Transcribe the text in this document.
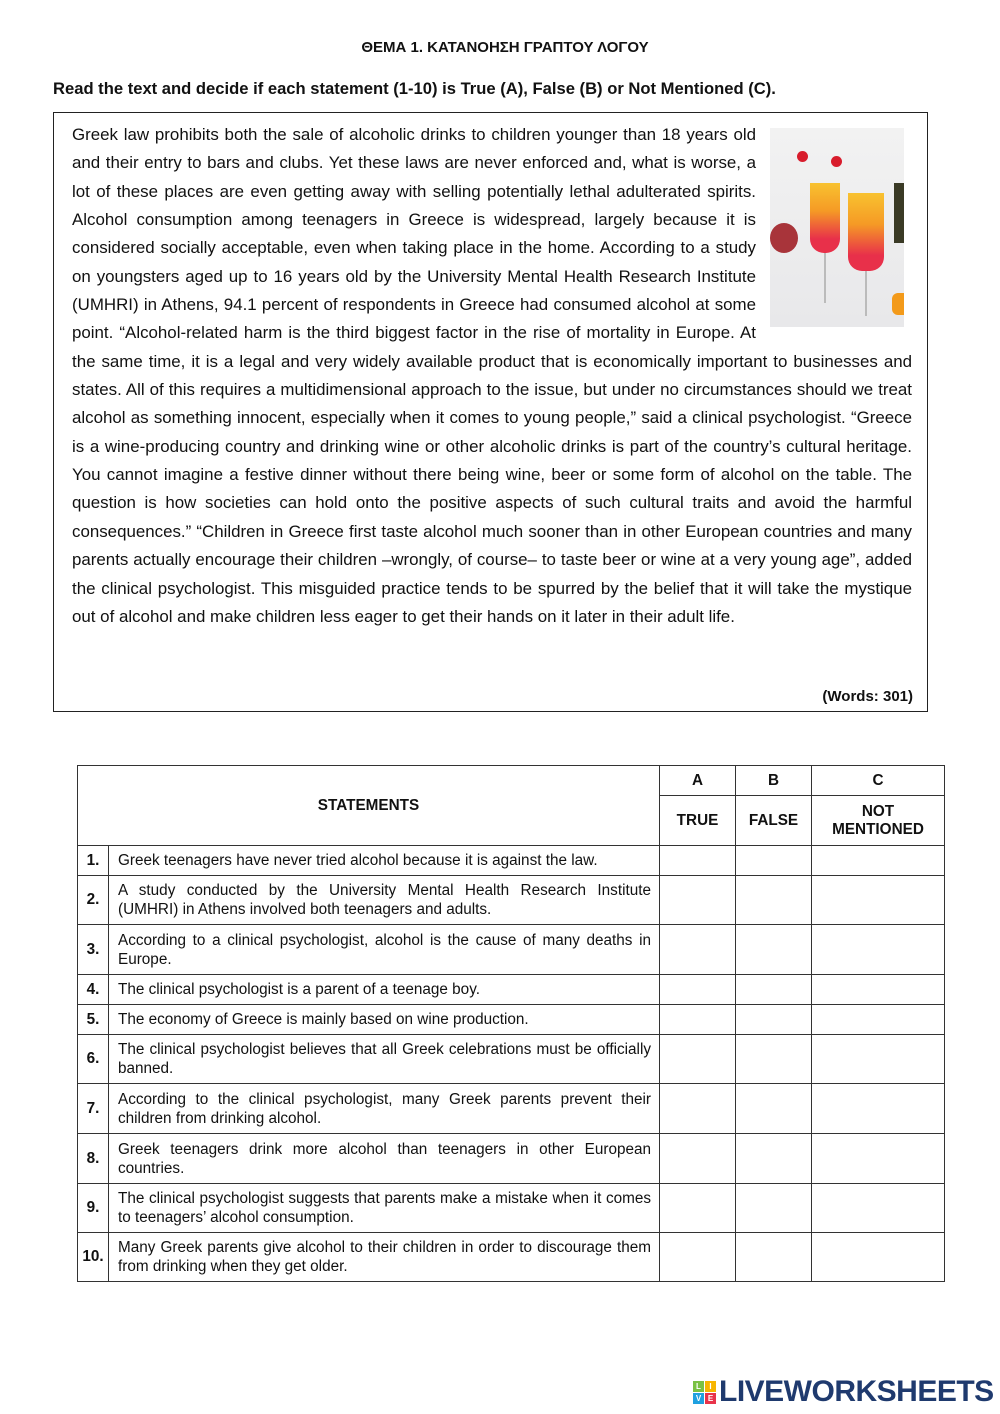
ΘΕΜΑ 1. ΚΑΤΑΝΟΗΣΗ ΓΡΑΠΤΟΥ ΛΟΓΟΥ
Read the text and decide if each statement (1-10) is True (A), False (B) or Not Mentioned (C).

Greek law prohibits both the sale of alcoholic drinks to children younger than 18 years old and their entry to bars and clubs. Yet these laws are never enforced and, what is worse, a lot of these places are even getting away with selling potentially lethal adulterated spirits. Alcohol consumption among teenagers in Greece is widespread, largely because it is considered socially acceptable, even when taking place in the home. According to a study on youngsters aged up to 16 years old by the University Mental Health Research Institute (UMHRI) in Athens, 94.1 percent of respondents in Greece had consumed alcohol at some point. “Alcohol-related harm is the third biggest factor in the rise of mortality in Europe. At the same time, it is a legal and very widely available product that is economically important to businesses and states. All of this requires a multidimensional approach to the issue, but under no circumstances should we treat alcohol as something innocent, especially when it comes to young people,” said a clinical psychologist. “Greece is a wine-producing country and drinking wine or other alcoholic drinks is part of the country’s cultural heritage. You cannot imagine a festive dinner without there being wine, beer or some form of alcohol on the table. The question is how societies can hold onto the positive aspects of such cultural traits and avoid the harmful consequences.” “Children in Greece first taste alcohol much sooner than in other European countries and many parents actually encourage their children –wrongly, of course– to taste beer or wine at a very young age”, added the clinical psychologist. This misguided practice tends to be spurred by the belief that it will take the mystique out of alcohol and make children less eager to get their hands on it later in their adult life.

(Words: 301)
STATEMENTS		A	B	C
		TRUE	FALSE	NOT MENTIONED
1.	Greek teenagers have never tried alcohol because it is against the law.			
2.	A study conducted by the University Mental Health Research Institute (UMHRI) in Athens involved both teenagers and adults.			
3.	According to a clinical psychologist, alcohol is the cause of many deaths in Europe.			
4.	The clinical psychologist is a parent of a teenage boy.			
5.	The economy of Greece is mainly based on wine production.			
6.	The clinical psychologist believes that all Greek celebrations must be officially banned.			
7.	According to the clinical psychologist, many Greek parents prevent their children from drinking alcohol.			
8.	Greek teenagers drink more alcohol than teenagers in other European countries.			
9.	The clinical psychologist suggests that parents make a mistake when it comes to teenagers’ alcohol consumption.			
10.	Many Greek parents give alcohol to their children in order to discourage them from drinking when they get older.			
L	I
V E LIVEWORKSHEETS
